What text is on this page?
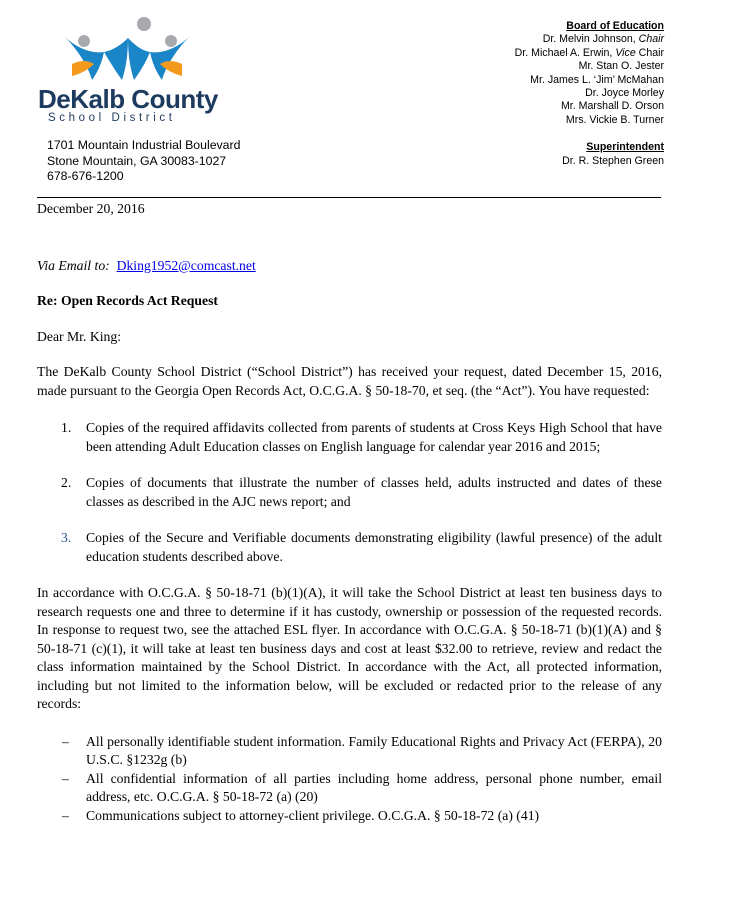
DeKalb County
School District
1701 Mountain Industrial Boulevard
Stone Mountain, GA 30083-1027
678-676-1200
Board of Education
Dr. Melvin Johnson, Chair
Dr. Michael A. Erwin, Vice Chair
Mr. Stan O. Jester
Mr. James L. ‘Jim’ McMahan
Dr. Joyce Morley
Mr. Marshall D. Orson
Mrs. Vickie B. Turner
Superintendent
Dr. R. Stephen Green

December 20, 2016

Via Email to: Dking1952@comcast.net

Re: Open Records Act Request

Dear Mr. King:

The DeKalb County School District (“School District”) has received your request, dated December 15, 2016, made pursuant to the Georgia Open Records Act, O.C.G.A. § 50-18-70, et seq. (the “Act”). You have requested:

1. Copies of the required affidavits collected from parents of students at Cross Keys High School that have been attending Adult Education classes on English language for calendar year 2016 and 2015;
2. Copies of documents that illustrate the number of classes held, adults instructed and dates of these classes as described in the AJC news report; and
3. Copies of the Secure and Verifiable documents demonstrating eligibility (lawful presence) of the adult education students described above.

In accordance with O.C.G.A. § 50-18-71 (b)(1)(A), it will take the School District at least ten business days to research requests one and three to determine if it has custody, ownership or possession of the requested records. In response to request two, see the attached ESL flyer. In accordance with O.C.G.A. § 50-18-71 (b)(1)(A) and § 50-18-71 (c)(1), it will take at least ten business days and cost at least $32.00 to retrieve, review and redact the class information maintained by the School District. In accordance with the Act, all protected information, including but not limited to the information below, will be excluded or redacted prior to the release of any records:

– All personally identifiable student information. Family Educational Rights and Privacy Act (FERPA), 20 U.S.C. §1232g (b)
– All confidential information of all parties including home address, personal phone number, email address, etc. O.C.G.A. § 50-18-72 (a) (20)
– Communications subject to attorney-client privilege. O.C.G.A. § 50-18-72 (a) (41)
